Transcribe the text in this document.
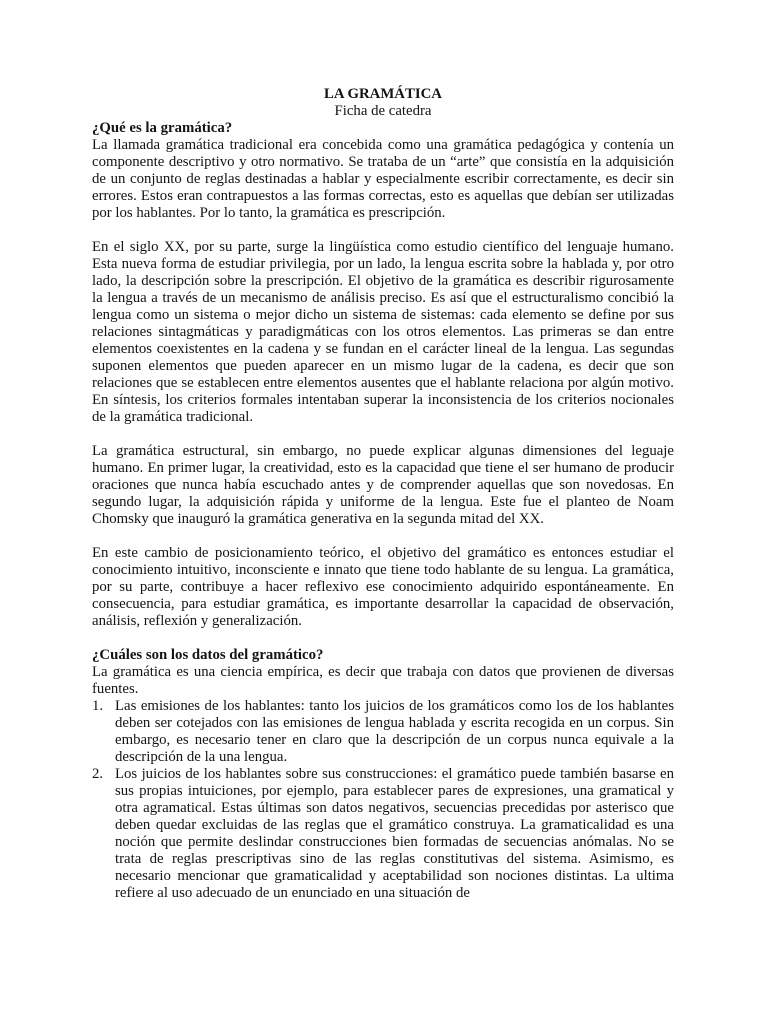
LA GRAMÁTICA

Ficha de catedra

¿Qué es la gramática?

La llamada gramática tradicional era concebida como una gramática pedagógica y contenía un componente descriptivo y otro normativo. Se trataba de un “arte” que consistía en la adquisición de un conjunto de reglas destinadas a hablar y especialmente escribir correctamente, es decir sin errores. Estos eran contrapuestos a las formas correctas, esto es aquellas que debían ser utilizadas por los hablantes. Por lo tanto, la gramática es prescripción.

En el siglo XX, por su parte, surge la lingüística como estudio científico del lenguaje humano. Esta nueva forma de estudiar privilegia, por un lado, la lengua escrita sobre la hablada y, por otro lado, la descripción sobre la prescripción. El objetivo de la gramática es describir rigurosamente la lengua a través de un mecanismo de análisis preciso. Es así que el estructuralismo concibió la lengua como un sistema o mejor dicho un sistema de sistemas: cada elemento se define por sus relaciones sintagmáticas y paradigmáticas con los otros elementos. Las primeras se dan entre elementos coexistentes en la cadena y se fundan en el carácter lineal de la lengua. Las segundas suponen elementos que pueden aparecer en un mismo lugar de la cadena, es decir que son relaciones que se establecen entre elementos ausentes que el hablante relaciona por algún motivo. En síntesis, los criterios formales intentaban superar la inconsistencia de los criterios nocionales de la gramática tradicional.

La gramática estructural, sin embargo, no puede explicar algunas dimensiones del leguaje humano. En primer lugar, la creatividad, esto es la capacidad que tiene el ser humano de producir oraciones que nunca había escuchado antes y de comprender aquellas que son novedosas. En segundo lugar, la adquisición rápida y uniforme de la lengua. Este fue el planteo de Noam Chomsky que inauguró la gramática generativa en la segunda mitad del XX.

En este cambio de posicionamiento teórico, el objetivo del gramático es entonces estudiar el conocimiento intuitivo, inconsciente e innato que tiene todo hablante de su lengua. La gramática, por su parte, contribuye a hacer reflexivo ese conocimiento adquirido espontáneamente. En consecuencia, para estudiar gramática, es importante desarrollar la capacidad de observación, análisis, reflexión y generalización.

¿Cuáles son los datos del gramático?

La gramática es una ciencia empírica, es decir que trabaja con datos que provienen de diversas fuentes.

1. Las emisiones de los hablantes: tanto los juicios de los gramáticos como los de los hablantes deben ser cotejados con las emisiones de lengua hablada y escrita recogida en un corpus. Sin embargo, es necesario tener en claro que la descripción de un corpus nunca equivale a la descripción de la una lengua.
2. Los juicios de los hablantes sobre sus construcciones: el gramático puede también basarse en sus propias intuiciones, por ejemplo, para establecer pares de expresiones, una gramatical y otra agramatical. Estas últimas son datos negativos, secuencias precedidas por asterisco que deben quedar excluidas de las reglas que el gramático construya. La gramaticalidad es una noción que permite deslindar construcciones bien formadas de secuencias anómalas. No se trata de reglas prescriptivas sino de las reglas constitutivas del sistema. Asimismo, es necesario mencionar que gramaticalidad y aceptabilidad son nociones distintas. La ultima refiere al uso adecuado de un enunciado en una situación de
